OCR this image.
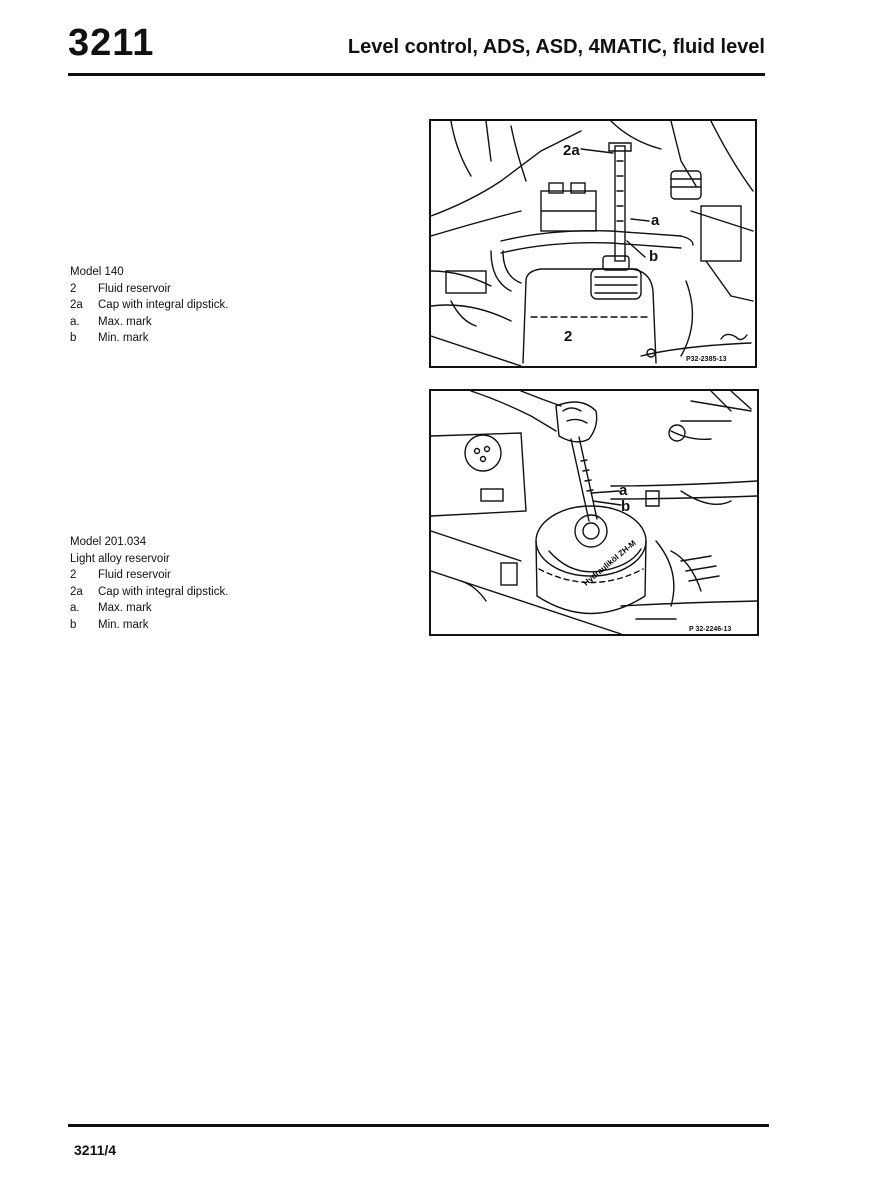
3211	Level control, ADS, ASD, 4MATIC, fluid level
Model 140
2	Fluid reservoir
2a	Cap with integral dipstick.
a.	Max. mark
b	Min. mark
2a
a
b
2
P32-2385-13
Model 201.034
Light alloy reservoir
2	Fluid reservoir
2a	Cap with integral dipstick.
a.	Max. mark
b	Min. mark
a
b
Hydrauliköl ZH-M
P 32-2246-13
3211/4
